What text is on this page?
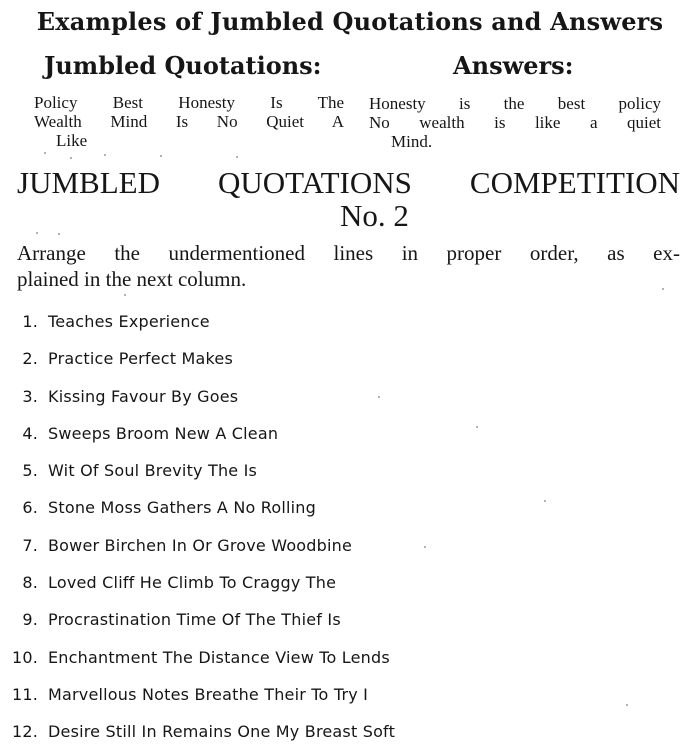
Examples of Jumbled Quotations and Answers
Jumbled Quotations:	Answers:
Policy Best Honesty Is The
Wealth Mind Is No Quiet A
Like
Honesty is the best policy
No wealth is like a quiet
Mind.
JUMBLED QUOTATIONS COMPETITION
No. 2
Arrange the undermentioned lines in proper order, as ex-
plained in the next column.
1. Teaches Experience
2. Practice Perfect Makes
3. Kissing Favour By Goes
4. Sweeps Broom New A Clean
5. Wit Of Soul Brevity The Is
6. Stone Moss Gathers A No Rolling
7. Bower Birchen In Or Grove Woodbine
8. Loved Cliff He Climb To Craggy The
9. Procrastination Time Of The Thief Is
10. Enchantment The Distance View To Lends
11. Marvellous Notes Breathe Their To Try I
12. Desire Still In Remains One My Breast Soft
